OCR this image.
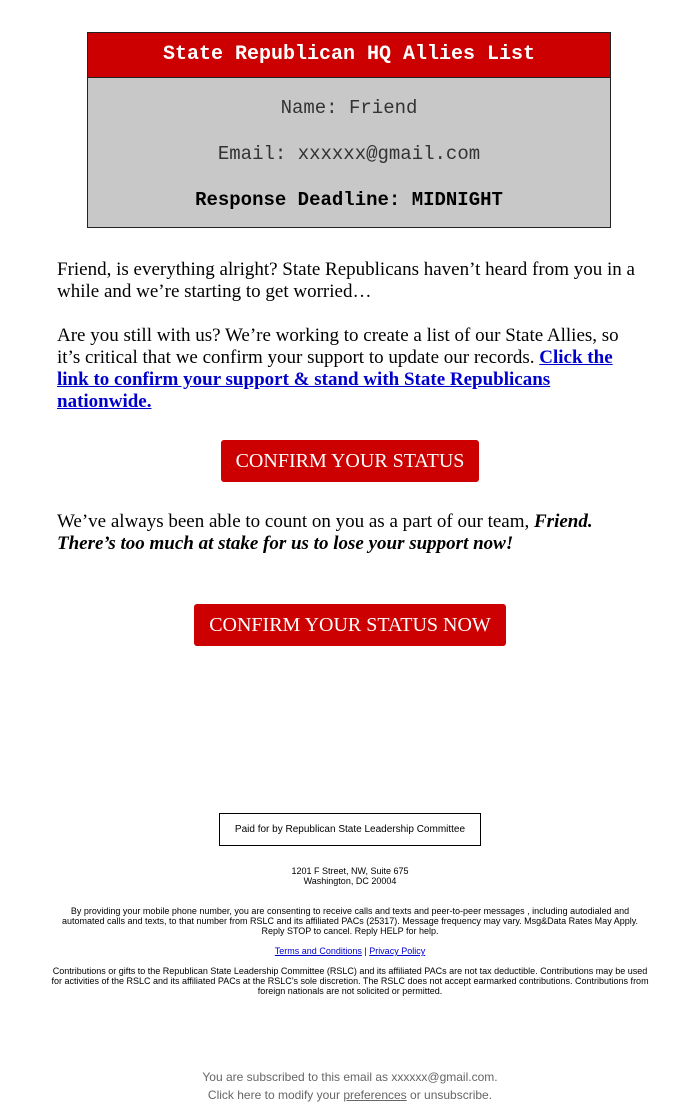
State Republican HQ Allies List
Name: Friend
Email: xxxxxx@gmail.com
Response Deadline: MIDNIGHT
Friend, is everything alright? State Republicans haven’t heard from you in a while and we’re starting to get worried…
Are you still with us? We’re working to create a list of our State Allies, so it’s critical that we confirm your support to update our records. Click the link to confirm your support & stand with State Republicans nationwide.
CONFIRM YOUR STATUS
We’ve always been able to count on you as a part of our team, Friend. There’s too much at stake for us to lose your support now!
CONFIRM YOUR STATUS NOW
Paid for by Republican State Leadership Committee
1201 F Street, NW, Suite 675
Washington, DC 20004
By providing your mobile phone number, you are consenting to receive calls and texts and peer-to-peer messages , including autodialed and automated calls and texts, to that number from RSLC and its affiliated PACs (25317). Message frequency may vary. Msg&Data Rates May Apply. Reply STOP to cancel. Reply HELP for help.
Terms and Conditions | Privacy Policy
Contributions or gifts to the Republican State Leadership Committee (RSLC) and its affiliated PACs are not tax deductible. Contributions may be used for activities of the RSLC and its affiliated PACs at the RSLC’s sole discretion. The RSLC does not accept earmarked contributions. Contributions from foreign nationals are not solicited or permitted.
You are subscribed to this email as xxxxxx@gmail.com.
Click here to modify your preferences or unsubscribe.
